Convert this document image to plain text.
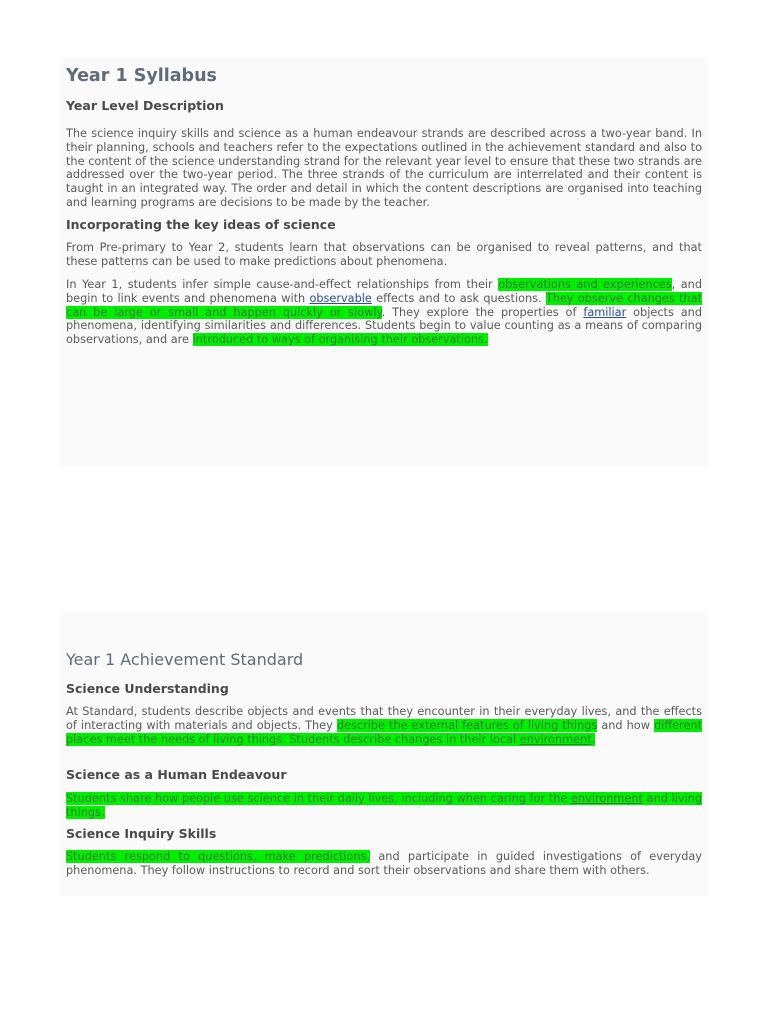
Year 1 Syllabus
Year Level Description

The science inquiry skills and science as a human endeavour strands are described across a two-year band. In their planning, schools and teachers refer to the expectations outlined in the achievement standard and also to the content of the science understanding strand for the relevant year level to ensure that these two strands are addressed over the two-year period. The three strands of the curriculum are interrelated and their content is taught in an integrated way. The order and detail in which the content descriptions are organised into teaching and learning programs are decisions to be made by the teacher.

Incorporating the key ideas of science

From Pre-primary to Year 2, students learn that observations can be organised to reveal patterns, and that these patterns can be used to make predictions about phenomena.

In Year 1, students infer simple cause-and-effect relationships from their observations and experiences, and begin to link events and phenomena with observable effects and to ask questions. They observe changes that can be large or small and happen quickly or slowly. They explore the properties of familiar objects and phenomena, identifying similarities and differences. Students begin to value counting as a means of comparing observations, and are introduced to ways of organising their observations.

Year 1 Achievement Standard
Science Understanding

At Standard, students describe objects and events that they encounter in their everyday lives, and the effects of interacting with materials and objects. They describe the external features of living things and how different places meet the needs of living things. Students describe changes in their local environment.

Science as a Human Endeavour

Students share how people use science in their daily lives, including when caring for the environment and living things.

Science Inquiry Skills

Students respond to questions, make predictions, and participate in guided investigations of everyday phenomena. They follow instructions to record and sort their observations and share them with others.
